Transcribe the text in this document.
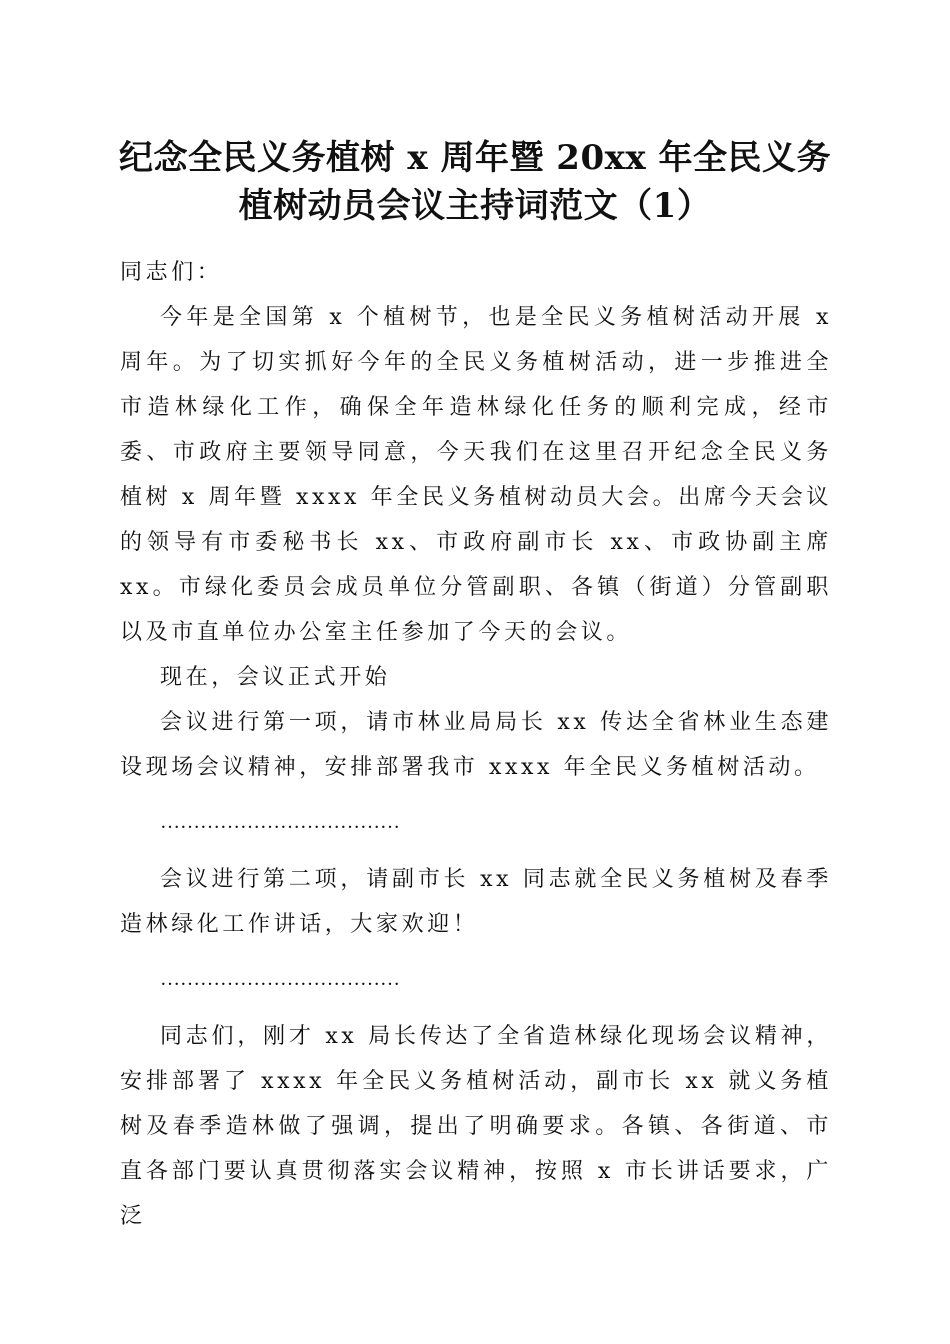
纪念全民义务植树 x 周年暨 20xx 年全民义务
植树动员会议主持词范文（1）

同志们：

今年是全国第 x 个植树节，也是全民义务植树活动开展 x 周年。为了切实抓好今年的全民义务植树活动，进一步推进全市造林绿化工作，确保全年造林绿化任务的顺利完成，经市委、市政府主要领导同意，今天我们在这里召开纪念全民义务植树 x 周年暨 xxxx 年全民义务植树动员大会。出席今天会议的领导有市委秘书长 xx、市政府副市长 xx、市政协副主席 xx。市绿化委员会成员单位分管副职、各镇（街道）分管副职以及市直单位办公室主任参加了今天的会议。

现在，会议正式开始

会议进行第一项，请市林业局局长 xx 传达全省林业生态建设现场会议精神，安排部署我市 xxxx 年全民义务植树活动。

………………………………

会议进行第二项，请副市长 xx 同志就全民义务植树及春季造林绿化工作讲话，大家欢迎！

………………………………

同志们，刚才 xx 局长传达了全省造林绿化现场会议精神，安排部署了 xxxx 年全民义务植树活动，副市长 xx 就义务植树及春季造林做了强调，提出了明确要求。各镇、各街道、市直各部门要认真贯彻落实会议精神，按照 x 市长讲话要求，广泛
